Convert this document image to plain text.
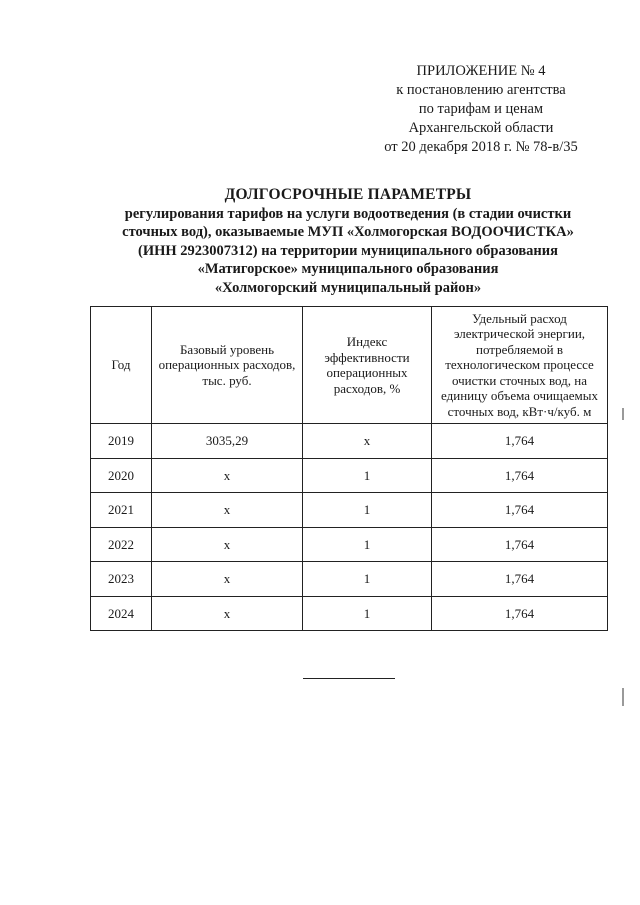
ПРИЛОЖЕНИЕ № 4
к постановлению агентства
по тарифам и ценам
Архангельской области
от 20 декабря 2018 г. № 78-в/35
ДОЛГОСРОЧНЫЕ ПАРАМЕТРЫ
регулирования тарифов на услуги водоотведения (в стадии очистки
сточных вод), оказываемые МУП «Холмогорская ВОДООЧИСТКА»
(ИНН 2923007312) на территории муниципального образования
«Матигорское» муниципального образования
«Холмогорский муниципальный район»
Год	Базовый уровень операционных расходов, тыс. руб.	Индекс эффективности операционных расходов, %	Удельный расход электрической энергии, потребляемой в технологическом процессе очистки сточных вод, на единицу объема очищаемых сточных вод, кВт·ч/куб. м
2019	3035,29	х	1,764
2020	х	1	1,764
2021	х	1	1,764
2022	х	1	1,764
2023	х	1	1,764
2024	х	1	1,764
